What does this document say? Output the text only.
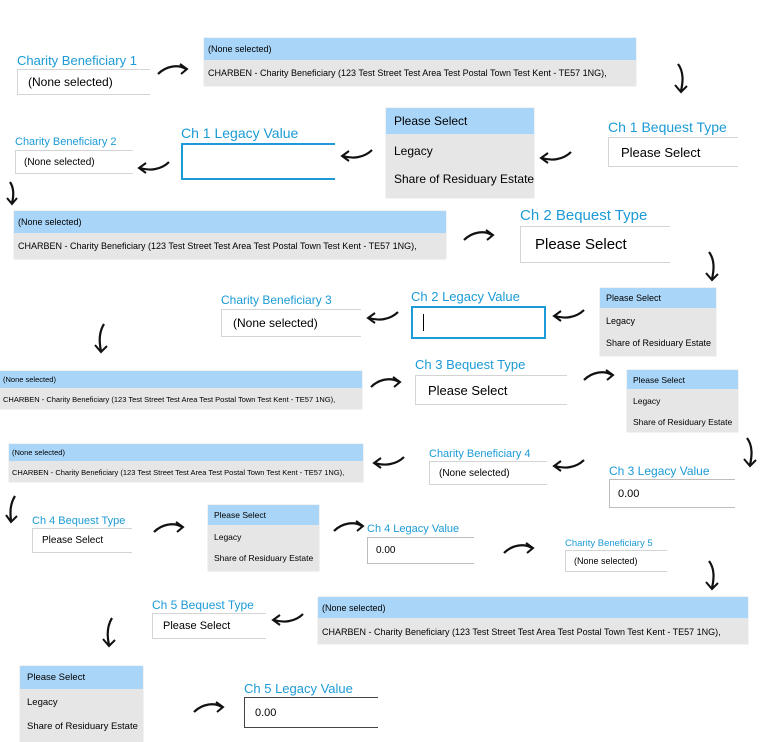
Charity Beneficiary 1
(None selected)
(None selected)
CHARBEN - Charity Beneficiary (123 Test Street Test Area Test Postal Town Test Kent - TE57 1NG),
Charity Beneficiary 2
(None selected)
Ch 1 Legacy Value
Please Select
Legacy
Share of Residuary Estate
Ch 1 Bequest Type
Please Select
(None selected)
CHARBEN - Charity Beneficiary (123 Test Street Test Area Test Postal Town Test Kent - TE57 1NG),
Ch 2 Bequest Type
Please Select
Charity Beneficiary 3
(None selected)
Ch 2 Legacy Value	Please Select
Legacy
Share of Residuary Estate
(None selected)
CHARBEN - Charity Beneficiary (123 Test Street Test Area Test Postal Town Test Kent - TE57 1NG),
Ch 3 Bequest Type
Please Select
Please Select
Legacy
Share of Residuary Estate
(None selected)
CHARBEN - Charity Beneficiary (123 Test Street Test Area Test Postal Town Test Kent - TE57 1NG),
Charity Beneficiary 4
(None selected)	Ch 3 Legacy Value
0.00
Ch 4 Bequest Type
Please Select
Please Select
Legacy
Share of Residuary Estate
Ch 4 Legacy Value
0.00
Charity Beneficiary 5
(None selected)
Ch 5 Bequest Type
Please Select
(None selected)
CHARBEN - Charity Beneficiary (123 Test Street Test Area Test Postal Town Test Kent - TE57 1NG),
Please Select
Legacy
Share of Residuary Estate
Ch 5 Legacy Value
0.00
